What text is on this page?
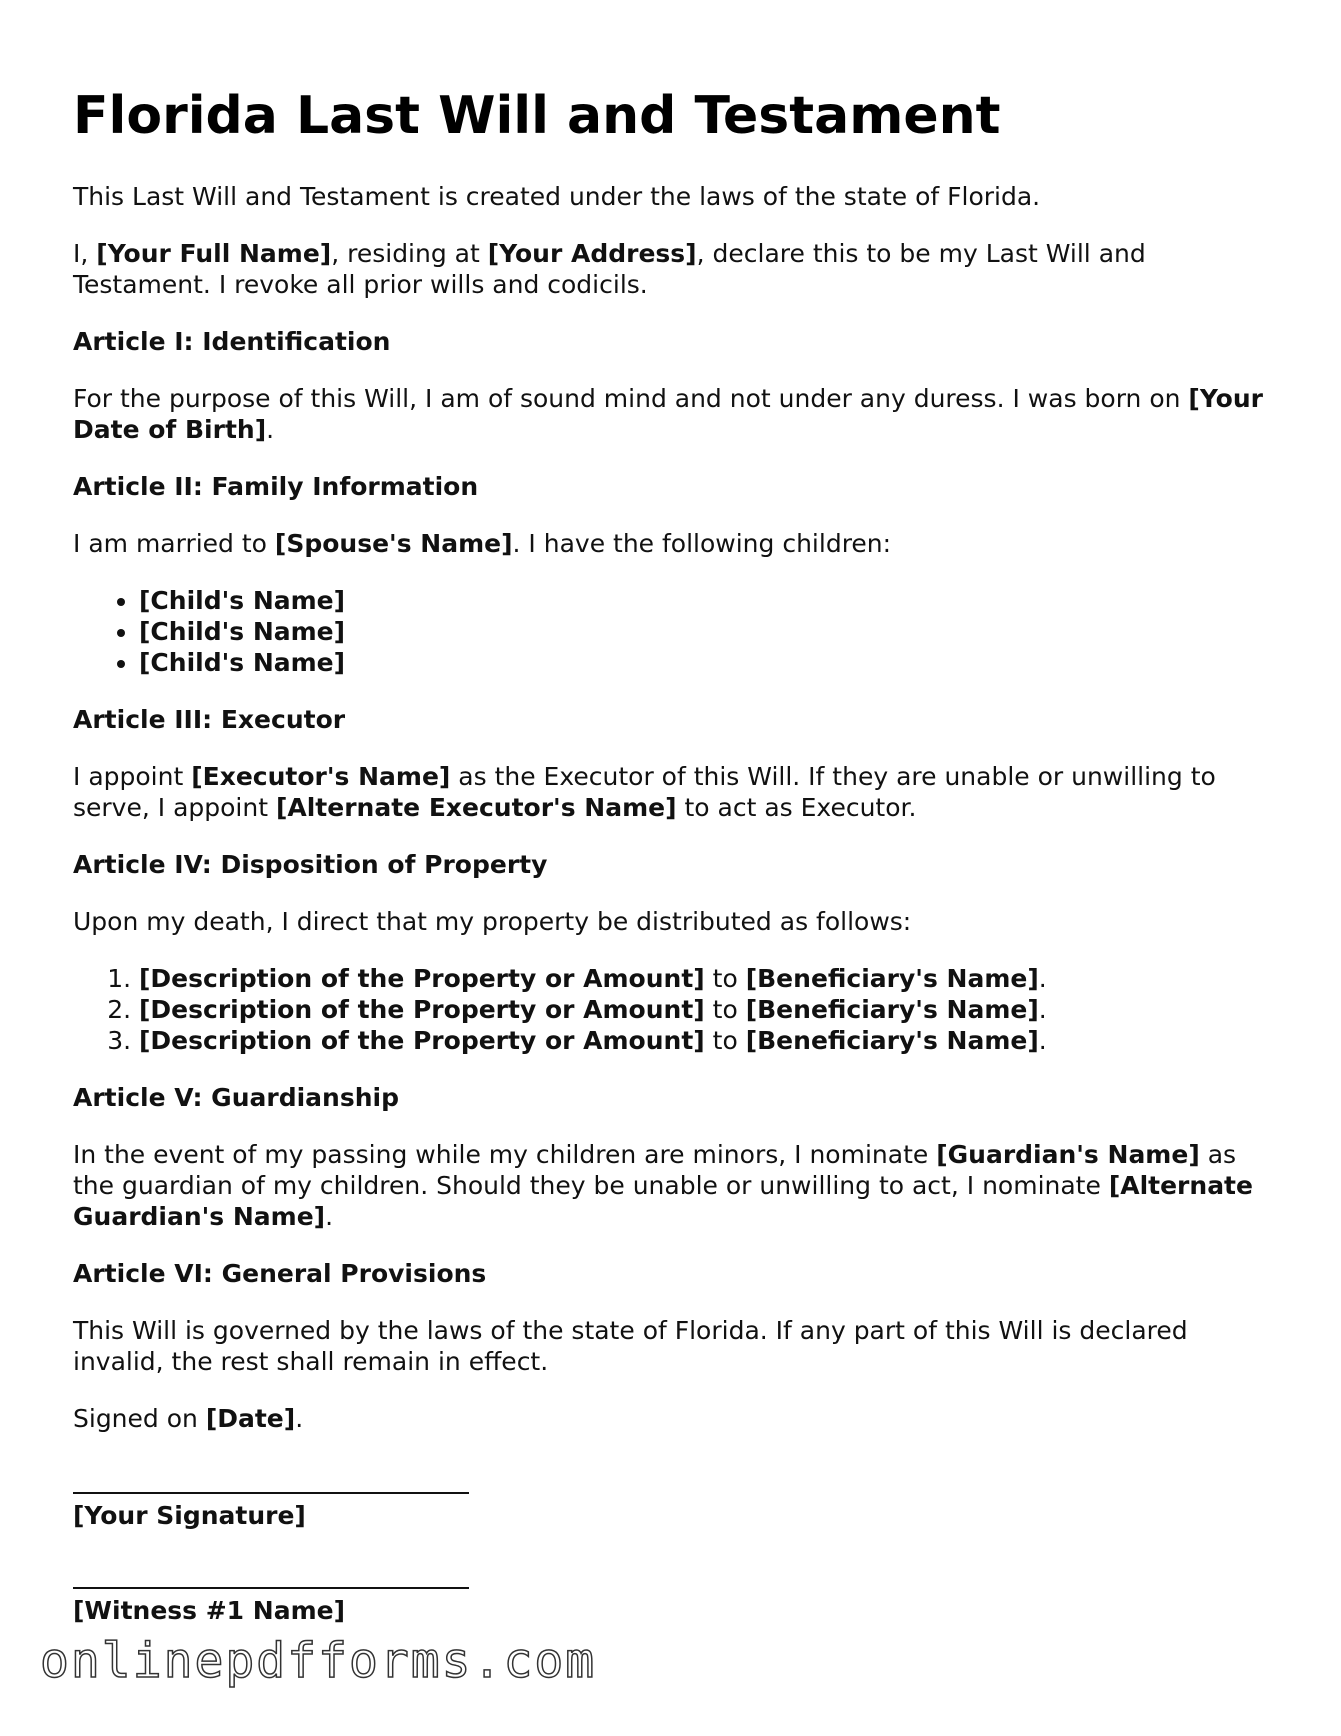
Florida Last Will and Testament

This Last Will and Testament is created under the laws of the state of Florida.

I, [Your Full Name], residing at [Your Address], declare this to be my Last Will and Testament. I revoke all prior wills and codicils.

Article I: Identification

For the purpose of this Will, I am of sound mind and not under any duress. I was born on [Your Date of Birth].

Article II: Family Information

I am married to [Spouse's Name]. I have the following children:

• [Child's Name]
• [Child's Name]
• [Child's Name]

Article III: Executor

I appoint [Executor's Name] as the Executor of this Will. If they are unable or unwilling to serve, I appoint [Alternate Executor's Name] to act as Executor.

Article IV: Disposition of Property

Upon my death, I direct that my property be distributed as follows:

1. [Description of the Property or Amount] to [Beneficiary's Name].
2. [Description of the Property or Amount] to [Beneficiary's Name].
3. [Description of the Property or Amount] to [Beneficiary's Name].

Article V: Guardianship

In the event of my passing while my children are minors, I nominate [Guardian's Name] as the guardian of my children. Should they be unable or unwilling to act, I nominate [Alternate Guardian's Name].

Article VI: General Provisions

This Will is governed by the laws of the state of Florida. If any part of this Will is declared invalid, the rest shall remain in effect.

Signed on [Date].

[Your Signature]
[Witness #1 Name]
onlinepdfforms.com
